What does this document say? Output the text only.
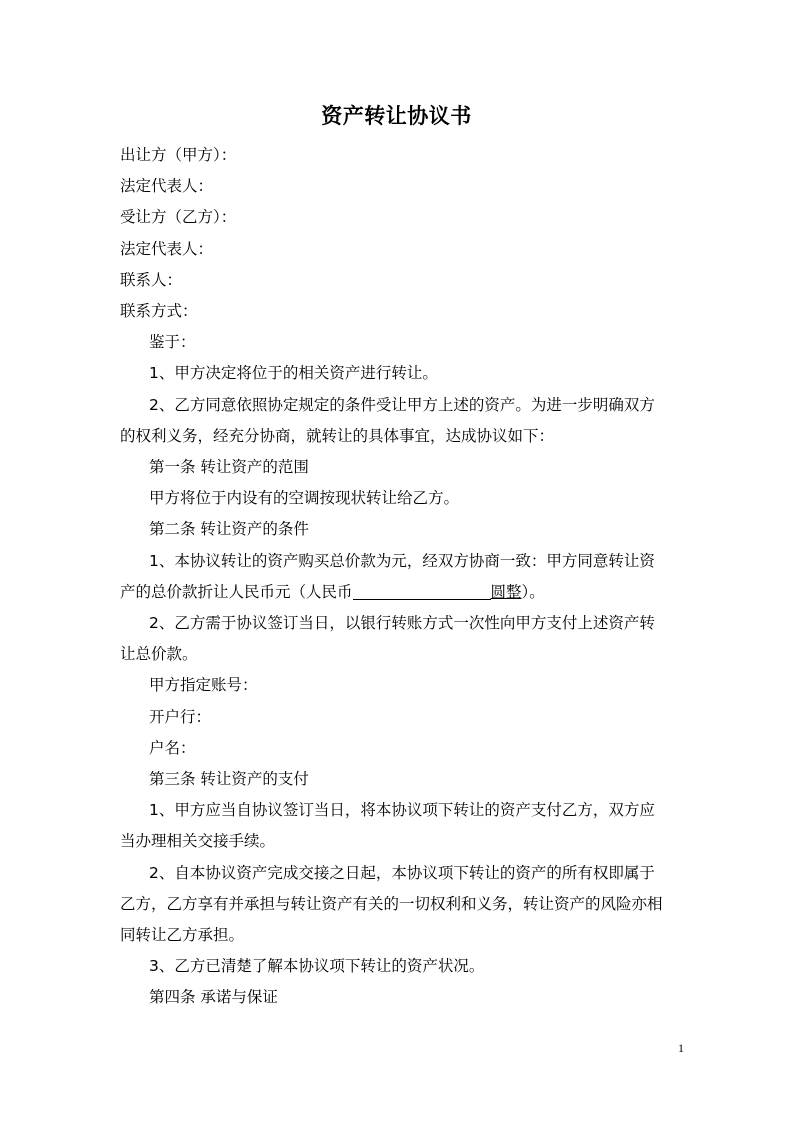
资产转让协议书

出让方（甲方）：

法定代表人：

受让方（乙方）：

法定代表人：

联系人：

联系方式：

鉴于：

1、甲方决定将位于的相关资产进行转让。

2、乙方同意依照协定规定的条件受让甲方上述的资产。为进一步明确双方

的权利义务，经充分协商，就转让的具体事宜，达成协议如下：

第一条 转让资产的范围

甲方将位于内设有的空调按现状转让给乙方。

第二条 转让资产的条件

1、本协议转让的资产购买总价款为元，经双方协商一致：甲方同意转让资

产的总价款折让人民币元（人民币	圆整）。

2、乙方需于协议签订当日，以银行转账方式一次性向甲方支付上述资产转

让总价款。

甲方指定账号：

开户行：

户名：

第三条 转让资产的支付

1、甲方应当自协议签订当日，将本协议项下转让的资产支付乙方，双方应

当办理相关交接手续。

2、自本协议资产完成交接之日起，本协议项下转让的资产的所有权即属于

乙方，乙方享有并承担与转让资产有关的一切权利和义务，转让资产的风险亦相

同转让乙方承担。

3、乙方已清楚了解本协议项下转让的资产状况。

第四条 承诺与保证

1
